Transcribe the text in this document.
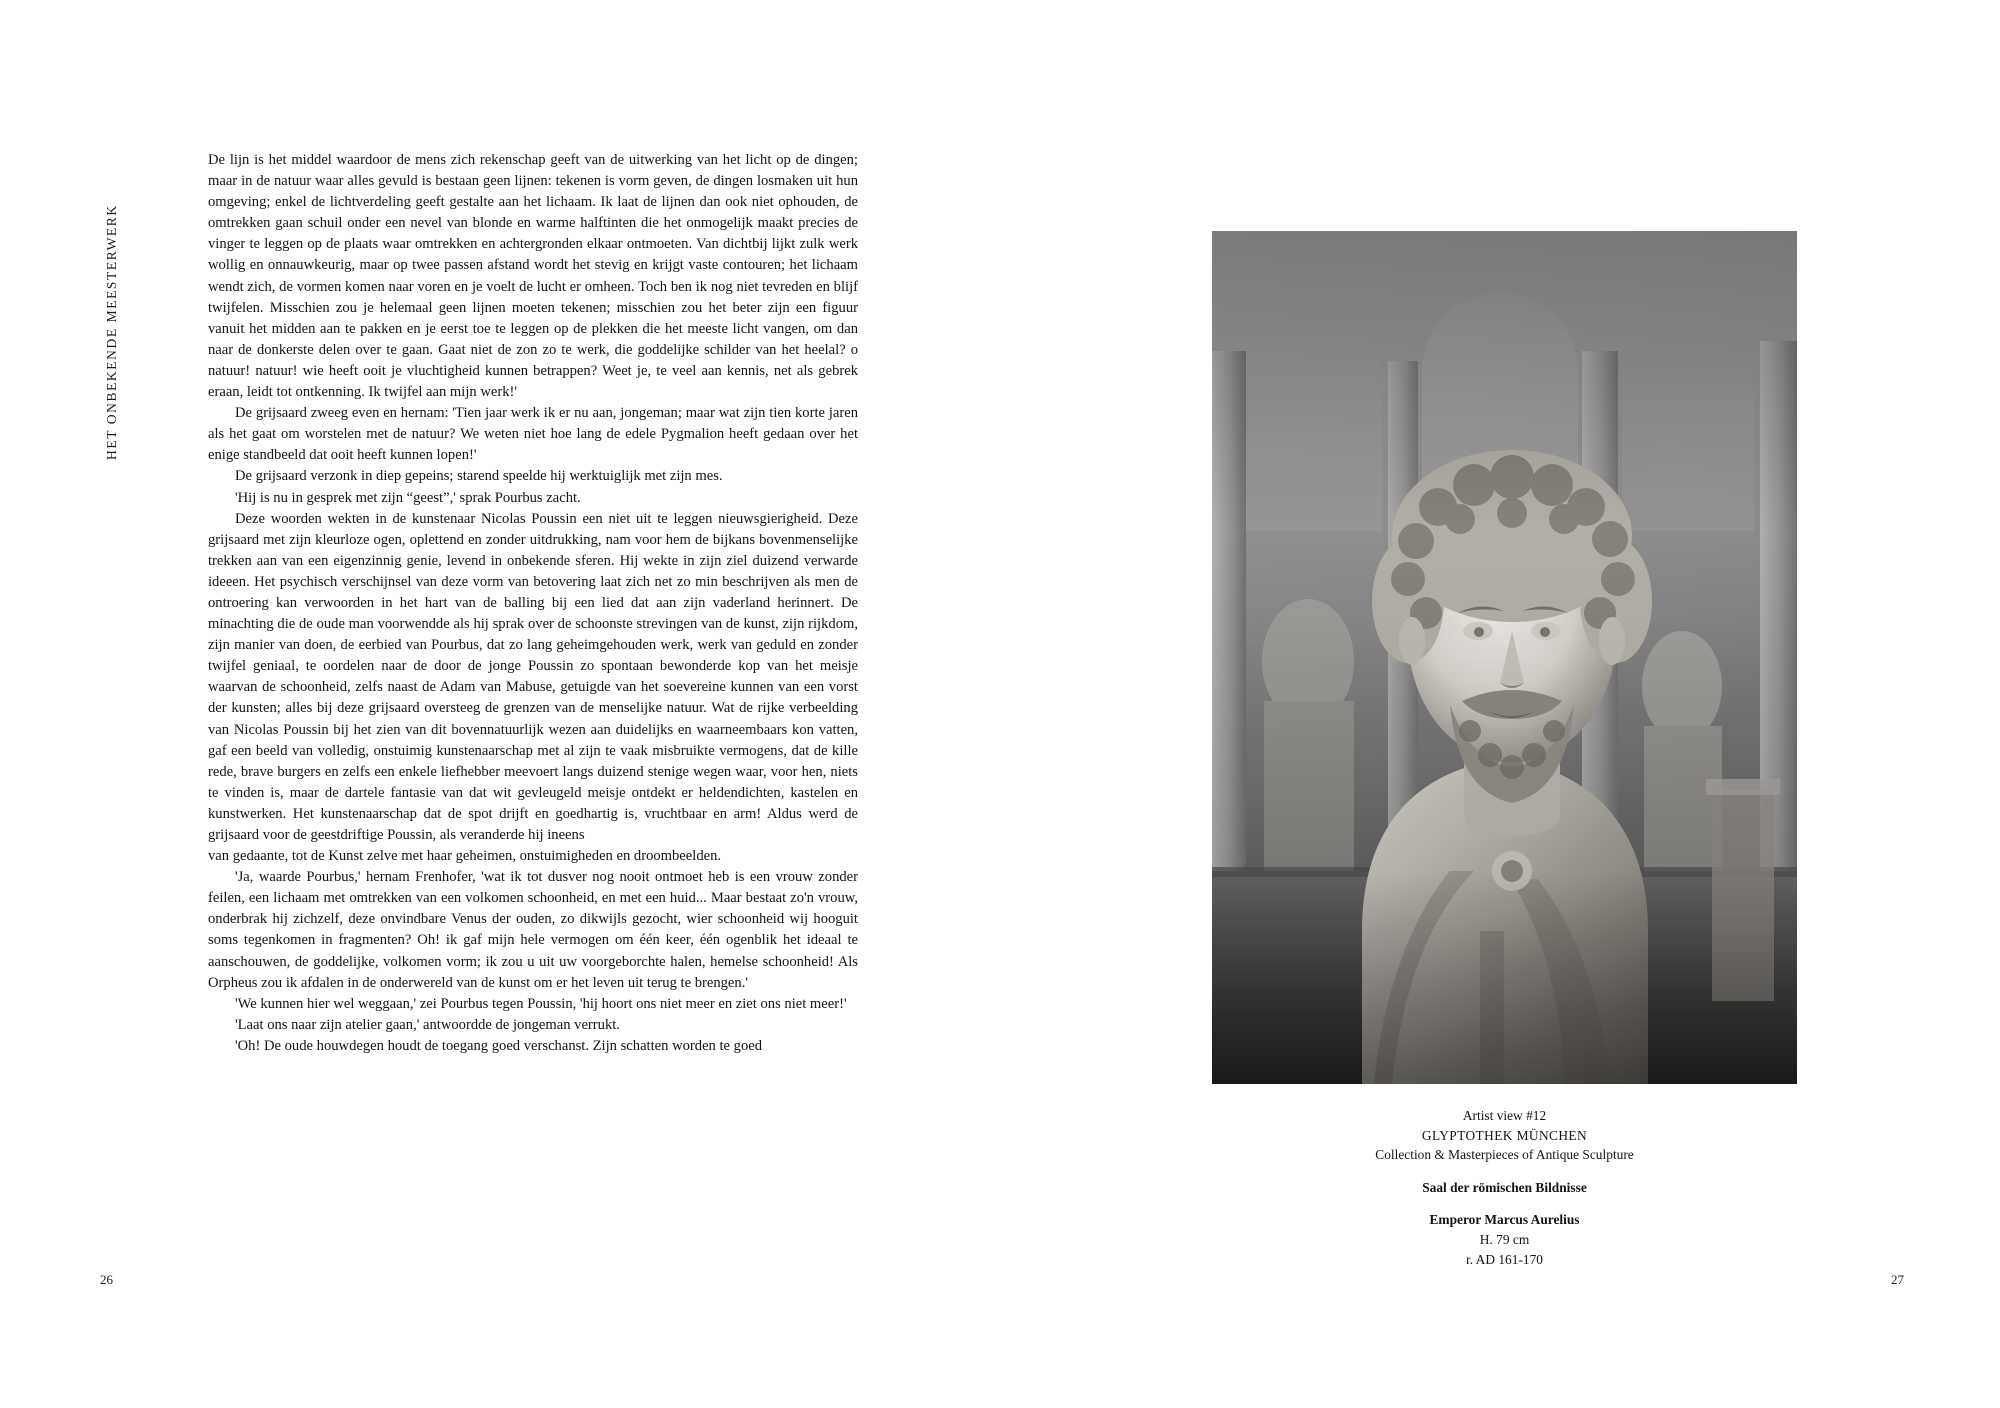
HET ONBEKENDE MEESTERWERK

De lijn is het middel waardoor de mens zich rekenschap geeft van de uitwerking van het licht op de dingen; maar in de natuur waar alles gevuld is bestaan geen lijnen: tekenen is vorm geven, de dingen losmaken uit hun omgeving; enkel de lichtverdeling geeft gestalte aan het lichaam. Ik laat de lijnen dan ook niet ophouden, de omtrekken gaan schuil onder een nevel van blonde en warme halftinten die het onmogelijk maakt precies de vinger te leggen op de plaats waar omtrekken en achtergronden elkaar ontmoeten. Van dichtbij lijkt zulk werk wollig en onnauwkeurig, maar op twee passen afstand wordt het stevig en krijgt vaste contouren; het lichaam wendt zich, de vormen komen naar voren en je voelt de lucht er omheen. Toch ben ik nog niet tevreden en blijf twijfelen. Misschien zou je helemaal geen lijnen moeten tekenen; misschien zou het beter zijn een figuur vanuit het midden aan te pakken en je eerst toe te leggen op de plekken die het meeste licht vangen, om dan naar de donkerste delen over te gaan. Gaat niet de zon zo te werk, die goddelijke schilder van het heelal? o natuur! natuur! wie heeft ooit je vluchtigheid kunnen betrappen? Weet je, te veel aan kennis, net als gebrek eraan, leidt tot ontkenning. Ik twijfel aan mijn werk!'

De grijsaard zweeg even en hernam: 'Tien jaar werk ik er nu aan, jongeman; maar wat zijn tien korte jaren als het gaat om worstelen met de natuur? We weten niet hoe lang de edele Pygmalion heeft gedaan over het enige standbeeld dat ooit heeft kunnen lopen!'

De grijsaard verzonk in diep gepeins; starend speelde hij werktuiglijk met zijn mes.

'Hij is nu in gesprek met zijn “geest”,' sprak Pourbus zacht.

Deze woorden wekten in de kunstenaar Nicolas Poussin een niet uit te leggen nieuwsgierigheid. Deze grijsaard met zijn kleurloze ogen, oplettend en zonder uitdrukking, nam voor hem de bijkans bovenmenselijke trekken aan van een eigenzinnig genie, levend in onbekende sferen. Hij wekte in zijn ziel duizend verwarde ideeen. Het psychisch verschijnsel van deze vorm van betovering laat zich net zo min beschrijven als men de ontroering kan verwoorden in het hart van de balling bij een lied dat aan zijn vaderland herinnert. De minachting die de oude man voorwendde als hij sprak over de schoonste strevingen van de kunst, zijn rijkdom, zijn manier van doen, de eerbied van Pourbus, dat zo lang geheimgehouden werk, werk van geduld en zonder twijfel geniaal, te oordelen naar de door de jonge Poussin zo spontaan bewonderde kop van het meisje waarvan de schoonheid, zelfs naast de Adam van Mabuse, getuigde van het soevereine kunnen van een vorst der kunsten; alles bij deze grijsaard oversteeg de grenzen van de menselijke natuur. Wat de rijke verbeelding van Nicolas Poussin bij het zien van dit bovennatuurlijk wezen aan duidelijks en waarneembaars kon vatten, gaf een beeld van volledig, onstuimig kunstenaarschap met al zijn te vaak misbruikte vermogens, dat de kille rede, brave burgers en zelfs een enkele liefhebber meevoert langs duizend stenige wegen waar, voor hen, niets te vinden is, maar de dartele fantasie van dat wit gevleugeld meisje ontdekt er heldendichten, kastelen en kunstwerken. Het kunstenaarschap dat de spot drijft en goedhartig is, vruchtbaar en arm! Aldus werd de grijsaard voor de geestdriftige Poussin, als veranderde hij ineens

van gedaante, tot de Kunst zelve met haar geheimen, onstuimigheden en droombeelden.

'Ja, waarde Pourbus,' hernam Frenhofer, 'wat ik tot dusver nog nooit ontmoet heb is een vrouw zonder feilen, een lichaam met omtrekken van een volkomen schoonheid, en met een huid... Maar bestaat zo'n vrouw, onderbrak hij zichzelf, deze onvindbare Venus der ouden, zo dikwijls gezocht, wier schoonheid wij hooguit soms tegenkomen in fragmenten? Oh! ik gaf mijn hele vermogen om één keer, één ogenblik het ideaal te aanschouwen, de goddelijke, volkomen vorm; ik zou u uit uw voorgeborchte halen, hemelse schoonheid! Als Orpheus zou ik afdalen in de onderwereld van de kunst om er het leven uit terug te brengen.'

'We kunnen hier wel weggaan,' zei Pourbus tegen Poussin, 'hij hoort ons niet meer en ziet ons niet meer!'

'Laat ons naar zijn atelier gaan,' antwoordde de jongeman verrukt.

'Oh! De oude houwdegen houdt de toegang goed verschanst. Zijn schatten worden te goed

26
Artist view #12
GLYPTOTHEK MÜNCHEN
Collection & Masterpieces of Antique Sculpture
Saal der römischen Bildnisse
Emperor Marcus Aurelius
H. 79 cm
r. AD 161-170
27
